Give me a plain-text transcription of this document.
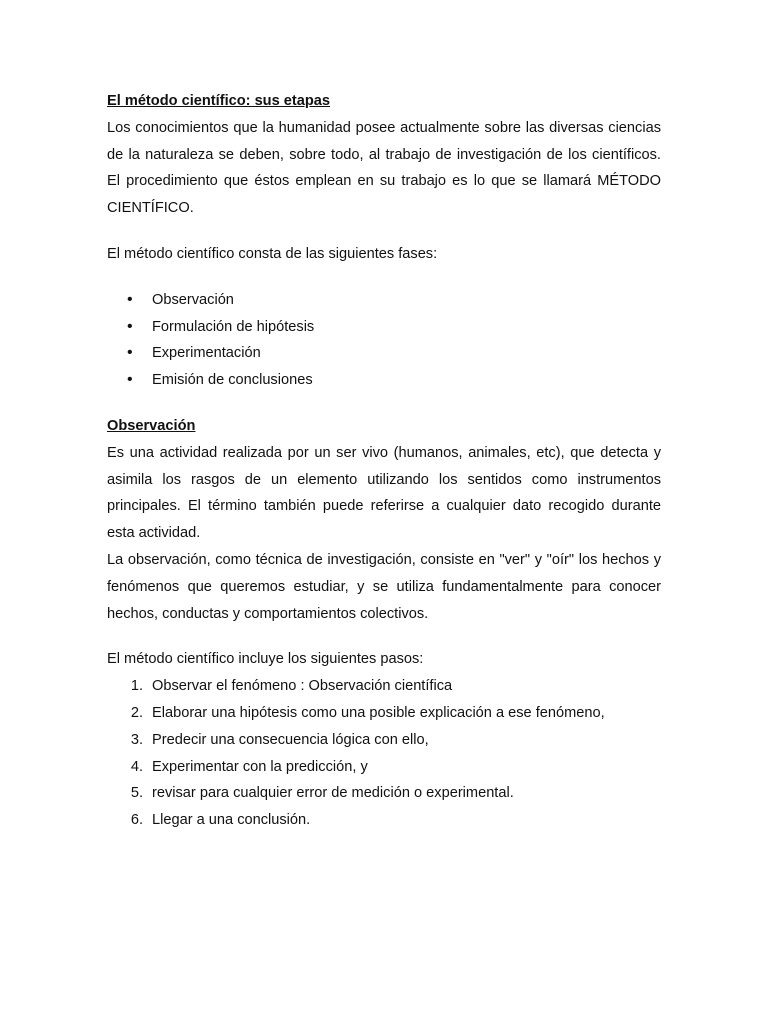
El método científico: sus etapas

Los conocimientos que la humanidad posee actualmente sobre las diversas ciencias de la naturaleza se deben, sobre todo, al trabajo de investigación de los científicos. El procedimiento que éstos emplean en su trabajo es lo que se llamará MÉTODO CIENTÍFICO.

El método científico consta de las siguientes fases:

• Observación
• Formulación de hipótesis
• Experimentación
• Emisión de conclusiones

Observación

Es una actividad realizada por un ser vivo (humanos, animales, etc), que detecta y asimila los rasgos de un elemento utilizando los sentidos como instrumentos principales. El término también puede referirse a cualquier dato recogido durante esta actividad.

La observación, como técnica de investigación, consiste en "ver" y "oír" los hechos y fenómenos que queremos estudiar, y se utiliza fundamentalmente para conocer hechos, conductas y comportamientos colectivos.

El método científico incluye los siguientes pasos:

1. Observar el fenómeno : Observación científica
2. Elaborar una hipótesis como una posible explicación a ese fenómeno,
3. Predecir una consecuencia lógica con ello,
4. Experimentar con la predicción, y
5. revisar para cualquier error de medición o experimental.
6. Llegar a una conclusión.
